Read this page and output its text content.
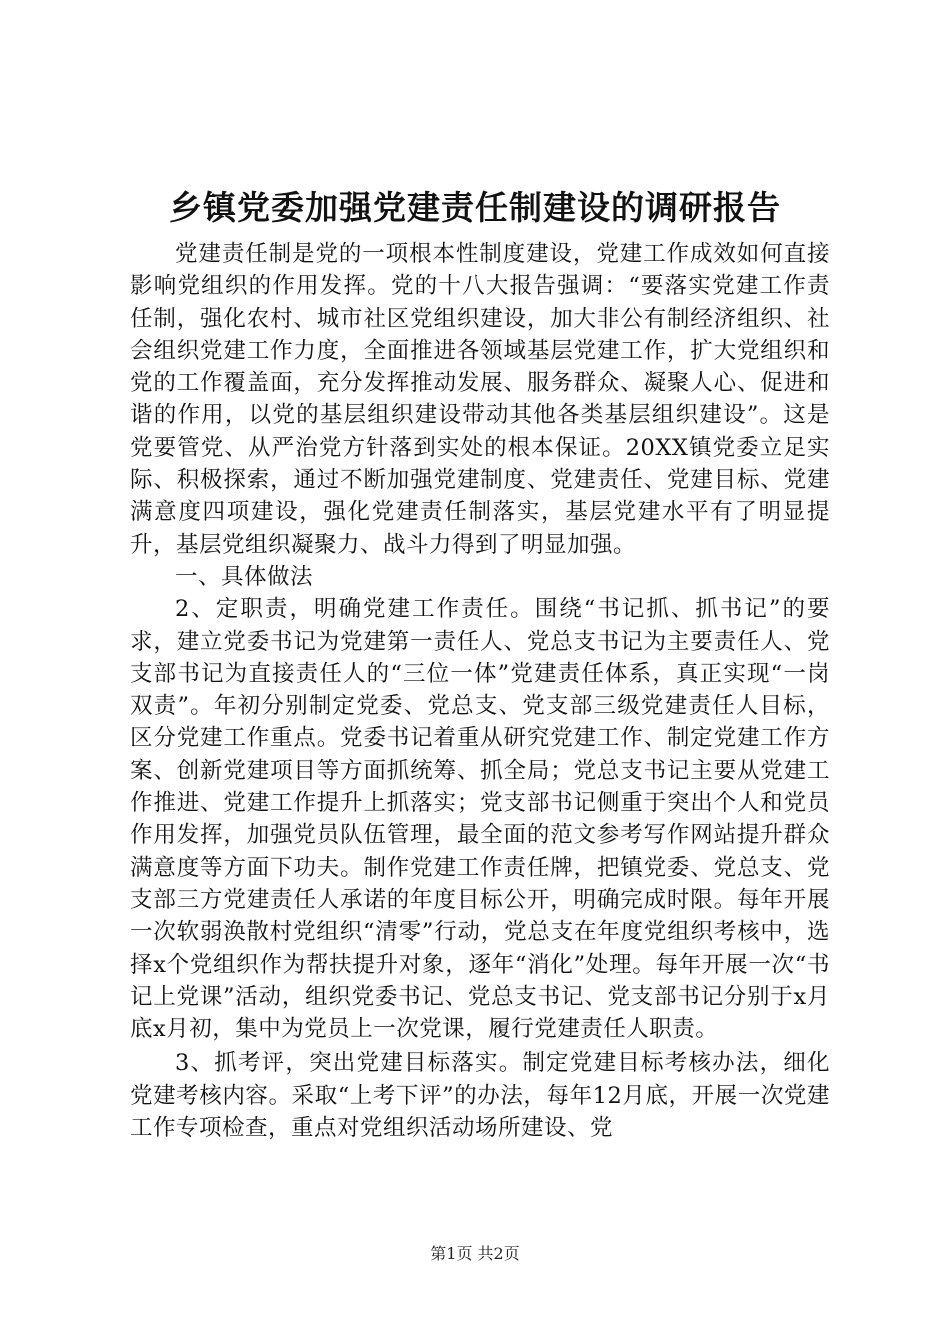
乡镇党委加强党建责任制建设的调研报告

党建责任制是党的一项根本性制度建设，党建工作成效如何直接影响党组织的作用发挥。党的十八大报告强调：“要落实党建工作责任制，强化农村、城市社区党组织建设，加大非公有制经济组织、社会组织党建工作力度，全面推进各领域基层党建工作，扩大党组织和党的工作覆盖面，充分发挥推动发展、服务群众、凝聚人心、促进和谐的作用，以党的基层组织建设带动其他各类基层组织建设”。这是党要管党、从严治党方针落到实处的根本保证。20XX镇党委立足实际、积极探索，通过不断加强党建制度、党建责任、党建目标、党建满意度四项建设，强化党建责任制落实，基层党建水平有了明显提升，基层党组织凝聚力、战斗力得到了明显加强。

一、具体做法

2、定职责，明确党建工作责任。围绕“书记抓、抓书记”的要求，建立党委书记为党建第一责任人、党总支书记为主要责任人、党支部书记为直接责任人的“三位一体”党建责任体系，真正实现“一岗双责”。年初分别制定党委、党总支、党支部三级党建责任人目标，区分党建工作重点。党委书记着重从研究党建工作、制定党建工作方案、创新党建项目等方面抓统筹、抓全局；党总支书记主要从党建工作推进、党建工作提升上抓落实；党支部书记侧重于突出个人和党员作用发挥，加强党员队伍管理，最全面的范文参考写作网站提升群众满意度等方面下功夫。制作党建工作责任牌，把镇党委、党总支、党支部三方党建责任人承诺的年度目标公开，明确完成时限。每年开展一次软弱涣散村党组织“清零”行动，党总支在年度党组织考核中，选择x个党组织作为帮扶提升对象，逐年“消化”处理。每年开展一次“书记上党课”活动，组织党委书记、党总支书记、党支部书记分别于x月底x月初，集中为党员上一次党课，履行党建责任人职责。

3、抓考评，突出党建目标落实。制定党建目标考核办法，细化党建考核内容。采取“上考下评”的办法，每年12月底，开展一次党建工作专项检查，重点对党组织活动场所建设、党

第1页 共2页
